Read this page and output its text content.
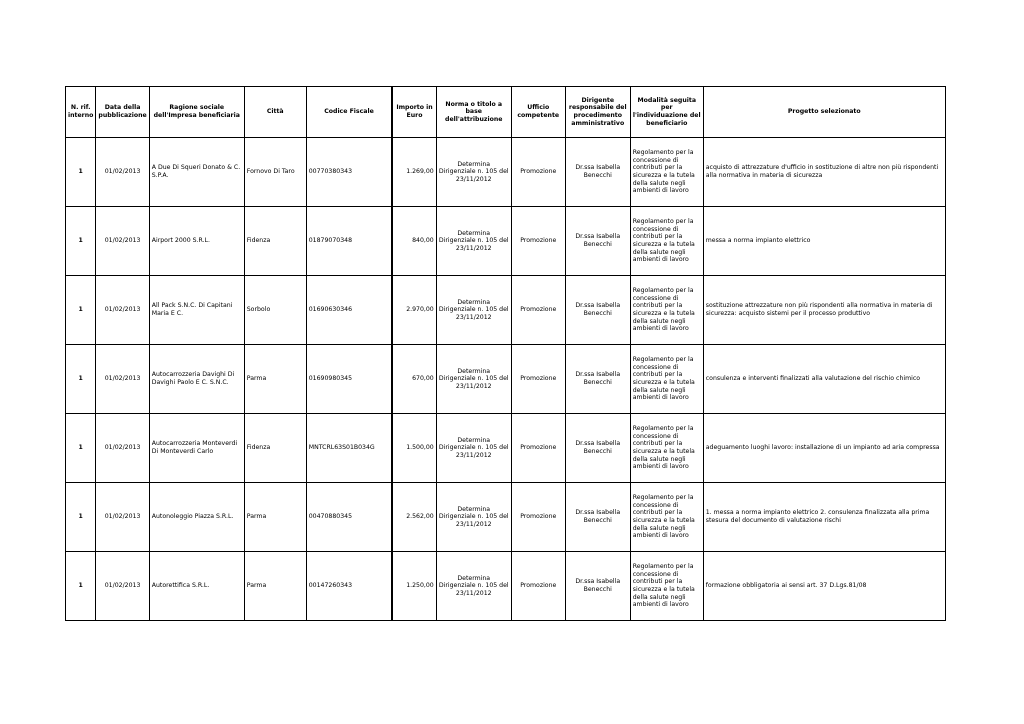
N. rif. interno	Data della pubblicazione	Ragione sociale dell'Impresa beneficiaria	Città	Codice Fiscale	Importo in Euro	Norma o titolo a base dell'attribuzione	Ufficio competente	Dirigente responsabile del procedimento amministrativo	Modalità seguita per l'individuazione del beneficiario	Progetto selezionato
1	01/02/2013	A Due Di Squeri Donato & C. S.P.A.	Fornovo Di Taro	00770380343	1.269,00	Determina Dirigenziale n. 105 del 23/11/2012	Promozione	Dr.ssa Isabella Benecchi	Regolamento per la concessione di contributi per la sicurezza e la tutela della salute negli ambienti di lavoro	acquisto di attrezzature d'ufficio in sostituzione di altre non più rispondenti alla normativa in materia di sicurezza
1	01/02/2013	Airport 2000 S.R.L.	Fidenza	01879070348	840,00	Determina Dirigenziale n. 105 del 23/11/2012	Promozione	Dr.ssa Isabella Benecchi	Regolamento per la concessione di contributi per la sicurezza e la tutela della salute negli ambienti di lavoro	messa a norma impianto elettrico
1	01/02/2013	All Pack S.N.C. Di Capitani Maria E C.	Sorbolo	01690630346	2.970,00	Determina Dirigenziale n. 105 del 23/11/2012	Promozione	Dr.ssa Isabella Benecchi	Regolamento per la concessione di contributi per la sicurezza e la tutela della salute negli ambienti di lavoro	sostituzione attrezzature non più rispondenti alla normativa in materia di sicurezza: acquisto sistemi per il processo produttivo
1	01/02/2013	Autocarrozzeria Davighi Di Davighi Paolo E C. S.N.C.	Parma	01690980345	670,00	Determina Dirigenziale n. 105 del 23/11/2012	Promozione	Dr.ssa Isabella Benecchi	Regolamento per la concessione di contributi per la sicurezza e la tutela della salute negli ambienti di lavoro	consulenza e interventi finalizzati alla valutazione del rischio chimico
1	01/02/2013	Autocarrozzeria Monteverdi Di Monteverdi Carlo	Fidenza	MNTCRL63S01B034G	1.500,00	Determina Dirigenziale n. 105 del 23/11/2012	Promozione	Dr.ssa Isabella Benecchi	Regolamento per la concessione di contributi per la sicurezza e la tutela della salute negli ambienti di lavoro	adeguamento luoghi lavoro: installazione di un impianto ad aria compressa
1	01/02/2013	Autonoleggio Piazza S.R.L.	Parma	00470880345	2.562,00	Determina Dirigenziale n. 105 del 23/11/2012	Promozione	Dr.ssa Isabella Benecchi	Regolamento per la concessione di contributi per la sicurezza e la tutela della salute negli ambienti di lavoro	1. messa a norma impianto elettrico 2. consulenza finalizzata alla prima stesura del documento di valutazione rischi
1	01/02/2013	Autorettifica S.R.L.	Parma	00147260343	1.250,00	Determina Dirigenziale n. 105 del 23/11/2012	Promozione	Dr.ssa Isabella Benecchi	Regolamento per la concessione di contributi per la sicurezza e la tutela della salute negli ambienti di lavoro	formazione obbligatoria ai sensi art. 37 D.Lgs.81/08
